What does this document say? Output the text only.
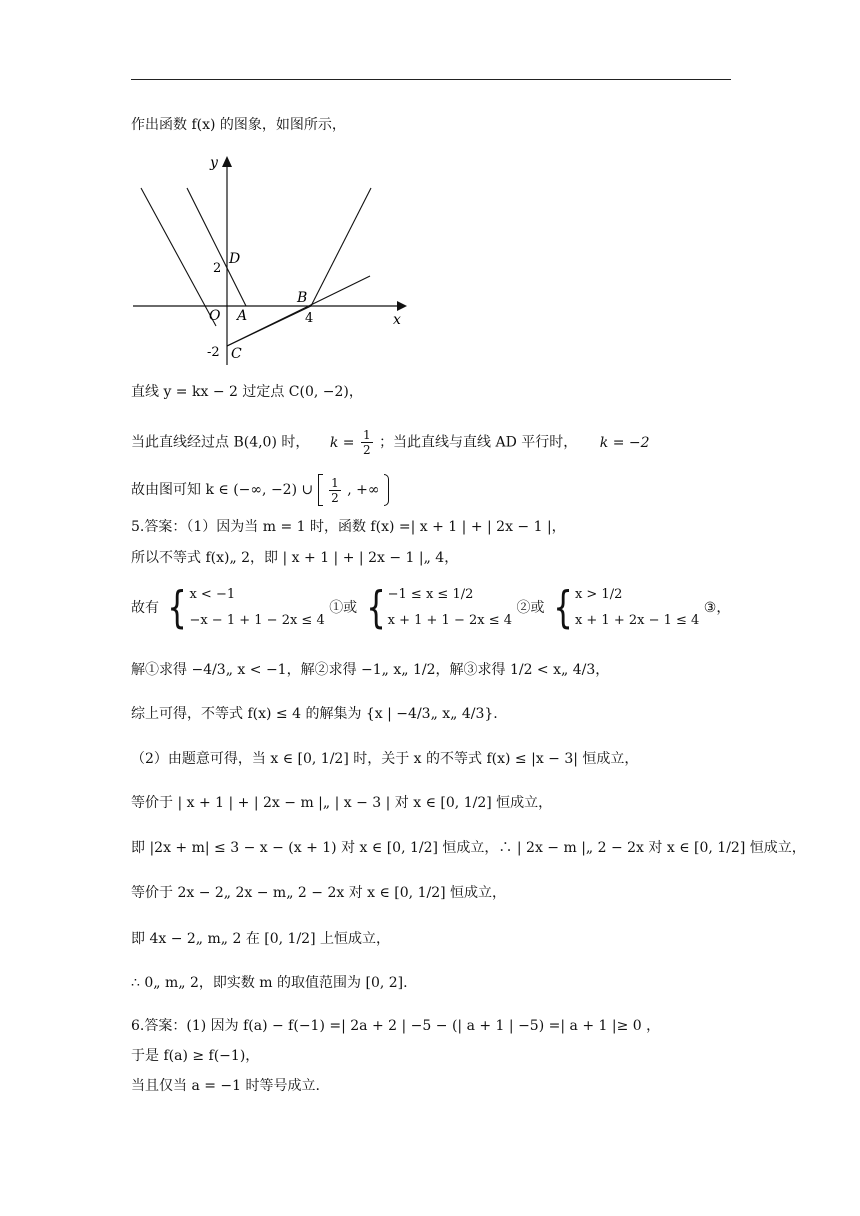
作出函数 f(x) 的图象，如图所示，
y
x
O
2
-2
4
D
A
B
C
直线 y = kx − 2 过定点 C(0, −2)，
当此直线经过点 B(4,0) 时， $k = \frac{1}{2}$ ；当此直线与直线 AD 平行时， k = −2
故由图可知 k ∈ (−∞, −2) ∪ $\frac{1}{2}$ , +∞
5.答案：（1）因为当 m = 1 时，函数 f(x) =| x + 1 | + | 2x − 1 |，
所以不等式 f(x)„ 2，即 | x + 1 | + | 2x − 1 |„ 4，
故有 { x < −1
−x − 1 + 1 − 2x ≤ 4
①或 { −1 ≤ x ≤ 1/2
x + 1 + 1 − 2x ≤ 4
②或 { x > 1/2
x + 1 + 2x − 1 ≤ 4
③，
解①求得 −4/3„ x < −1，解②求得 −1„ x„ 1/2，解③求得 1/2 < x„ 4/3，
综上可得，不等式 f(x) ≤ 4 的解集为 {x | −4/3„ x„ 4/3}.
（2）由题意可得，当 x ∈ [0, 1/2] 时，关于 x 的不等式 f(x) ≤ |x − 3| 恒成立，
等价于 | x + 1 | + | 2x − m |„ | x − 3 | 对 x ∈ [0, 1/2] 恒成立，
即 |2x + m| ≤ 3 − x − (x + 1) 对 x ∈ [0, 1/2] 恒成立，∴ | 2x − m |„ 2 − 2x 对 x ∈ [0, 1/2] 恒成立，
等价于 2x − 2„ 2x − m„ 2 − 2x 对 x ∈ [0, 1/2] 恒成立，
即 4x − 2„ m„ 2 在 [0, 1/2] 上恒成立，
∴ 0„ m„ 2，即实数 m 的取值范围为 [0, 2].
6.答案：(1) 因为 f(a) − f(−1) =| 2a + 2 | −5 − (| a + 1 | −5) =| a + 1 |≥ 0 ，
于是 f(a) ≥ f(−1)，
当且仅当 a = −1 时等号成立.
